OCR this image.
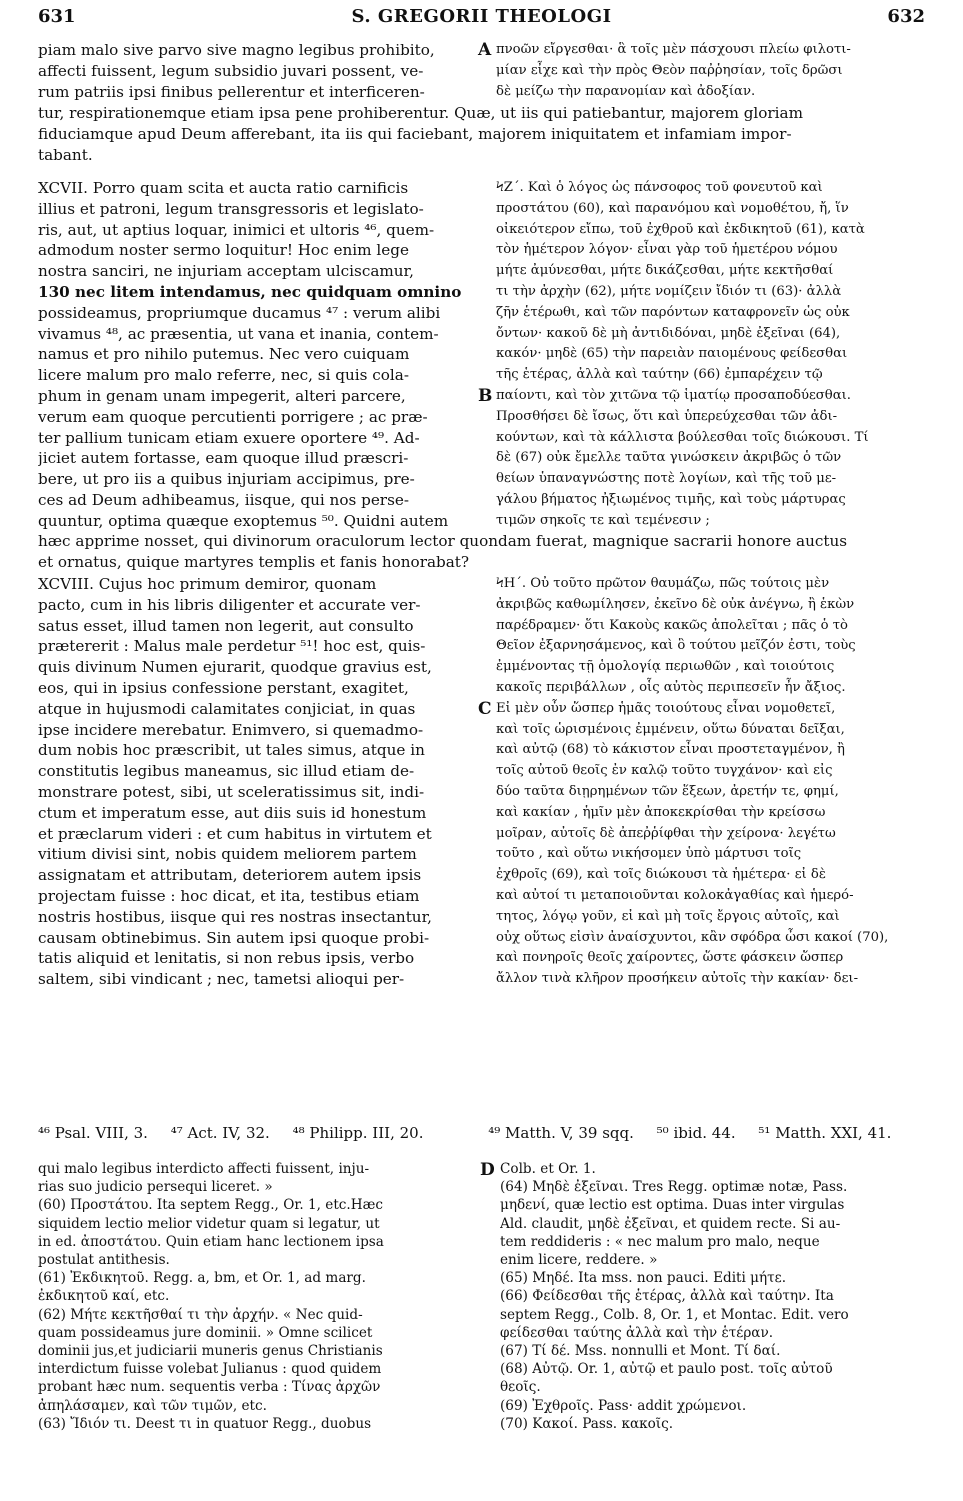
631	S. GREGORII THEOLOGI	632
piam malo sive parvo sive magno legibus prohibito,
affecti fuissent, legum subsidio juvari possent, ve-
rum patriis ipsi finibus pellerentur et interficeren-
A πνοῶν εἴργεσθαι· ἃ τοῖς μὲν πάσχουσι πλείω φιλοτι-
μίαν εἶχε καὶ τὴν πρὸς Θεὸν παῤῥησίαν, τοῖς δρῶσι
δὲ μείζω τὴν παρανομίαν καὶ ἀδοξίαν.
tur, respirationemque etiam ipsa pene prohiberentur. Quæ, ut iis qui patiebantur, majorem gloriam
fiduciamque apud Deum afferebant, ita iis qui faciebant, majorem iniquitatem et infamiam impor-
tabant.
XCVII. Porro quam scita et aucta ratio carnificis
illius et patroni, legum transgressoris et legislato-
ris, aut, ut aptius loquar, inimici et ultoris ⁴⁶, quem-
admodum noster sermo loquitur! Hoc enim lege
nostra sanciri, ne injuriam acceptam ulciscamur,
130 nec litem intendamus, nec quidquam omnino
possideamus, propriumque ducamus ⁴⁷ : verum alibi
vivamus ⁴⁸, ac præsentia, ut vana et inania, contem-
namus et pro nihilo putemus. Nec vero cuiquam
licere malum pro malo referre, nec, si quis cola-
phum in genam unam impegerit, alteri parcere,
verum eam quoque percutienti porrigere ; ac præ-
ter pallium tunicam etiam exuere oportere ⁴⁹. Ad-
jiciet autem fortasse, eam quoque illud præscri-
bere, ut pro iis a quibus injuriam accipimus, pre-
ces ad Deum adhibeamus, iisque, qui nos perse-
quuntur, optima quæque exoptemus ⁵⁰. Quidni autem
B
ϞΖ΄. Καὶ ὁ λόγος ὡς πάνσοφος τοῦ φονευτοῦ καὶ
προστάτου (60), καὶ παρανόμου καὶ νομοθέτου, ἤ, ἵν
οἰκειότερον εἴπω, τοῦ ἐχθροῦ καὶ ἐκδικητοῦ (61), κατὰ
τὸν ἡμέτερον λόγον· εἶναι γὰρ τοῦ ἡμετέρου νόμου
μήτε ἀμύνεσθαι, μήτε δικάζεσθαι, μήτε κεκτῆσθαί
τι τὴν ἀρχὴν (62), μήτε νομίζειν ἴδιόν τι (63)· ἀλλὰ
ζῆν ἑτέρωθι, καὶ τῶν παρόντων καταφρονεῖν ὡς οὐκ
ὄντων· κακοῦ δὲ μὴ ἀντιδιδόναι, μηδὲ ἐξεῖναι (64),
κακόν· μηδὲ (65) τὴν παρειὰν παιομένους φείδεσθαι
τῆς ἑτέρας, ἀλλὰ καὶ ταύτην (66) ἐμπαρέχειν τῷ
παίοντι, καὶ τὸν χιτῶνα τῷ ἱματίῳ προσαποδύεσθαι.
Προσθήσει δὲ ἴσως, ὅτι καὶ ὑπερεύχεσθαι τῶν ἀδι-
κούντων, καὶ τὰ κάλλιστα βούλεσθαι τοῖς διώκουσι. Τί
δὲ (67) οὐκ ἔμελλε ταῦτα γινώσκειν ἀκριβῶς ὁ τῶν
θείων ὑπαναγνώστης ποτὲ λογίων, καὶ τῆς τοῦ με-
γάλου βήματος ἠξιωμένος τιμῆς, καὶ τοὺς μάρτυρας
τιμῶν σηκοῖς τε καὶ τεμένεσιν ;
hæc apprime nosset, qui divinorum oraculorum lector quondam fuerat, magnique sacrarii honore auctus
et ornatus, quique martyres templis et fanis honorabat?
XCVIII. Cujus hoc primum demiror, quonam
pacto, cum in his libris diligenter et accurate ver-
satus esset, illud tamen non legerit, aut consulto
prætererit : Malus male perdetur ⁵¹! hoc est, quis-
quis divinum Numen ejurarit, quodque gravius est,
eos, qui in ipsius confessione perstant, exagitet,
atque in hujusmodi calamitates conjiciat, in quas
ipse incidere merebatur. Enimvero, si quemadmo-
dum nobis hoc præscribit, ut tales simus, atque in
constitutis legibus maneamus, sic illud etiam de-
monstrare potest, sibi, ut sceleratissimus sit, indi-
ctum et imperatum esse, aut diis suis id honestum
et præclarum videri : et cum habitus in virtutem et
vitium divisi sint, nobis quidem meliorem partem
assignatam et attributam, deteriorem autem ipsis
projectam fuisse : hoc dicat, et ita, testibus etiam
nostris hostibus, iisque qui res nostras insectantur,
causam obtinebimus. Sin autem ipsi quoque probi-
tatis aliquid et lenitatis, si non rebus ipsis, verbo
saltem, sibi vindicant ; nec, tametsi alioqui per-
C
ϞΗ΄. Οὐ τοῦτο πρῶτον θαυμάζω, πῶς τούτοις μὲν
ἀκριβῶς καθωμίλησεν, ἐκεῖνο δὲ οὐκ ἀνέγνω, ἢ ἑκὼν
παρέδραμεν· ὅτι Κακοὺς κακῶς ἀπολεῖται ; πᾶς ὁ τὸ
Θεῖον ἐξαρνησάμενος, καὶ ὃ τούτου μεῖζόν ἐστι, τοὺς
ἐμμένοντας τῇ ὁμολογίᾳ περιωθῶν , καὶ τοιούτοις
κακοῖς περιβάλλων , οἷς αὐτὸς περιπεσεῖν ἦν ἄξιος.
Εἰ μὲν οὖν ὥσπερ ἡμᾶς τοιούτους εἶναι νομοθετεῖ,
καὶ τοῖς ὡρισμένοις ἐμμένειν, οὕτω δύναται δεῖξαι,
καὶ αὐτῷ (68) τὸ κάκιστον εἶναι προστεταγμένον, ἢ
τοῖς αὐτοῦ θεοῖς ἐν καλῷ τοῦτο τυγχάνον· καὶ εἰς
δύο ταῦτα διῃρημένων τῶν ἕξεων, ἀρετήν τε, φημί,
καὶ κακίαν , ἡμῖν μὲν ἀποκεκρίσθαι τὴν κρείσσω
μοῖραν, αὐτοῖς δὲ ἀπεῤῥίφθαι τὴν χείρονα· λεγέτω
τοῦτο , καὶ οὕτω νικήσομεν ὑπὸ μάρτυσι τοῖς
ἐχθροῖς (69), καὶ τοῖς διώκουσι τὰ ἡμέτερα· εἰ δὲ
καὶ αὐτοί τι μεταποιοῦνται κολοκἀγαθίας καὶ ἡμερό-
τητος, λόγῳ γοῦν, εἰ καὶ μὴ τοῖς ἔργοις αὐτοῖς, καὶ
οὐχ οὕτως εἰσὶν ἀναίσχυντοι, κἂν σφόδρα ὦσι κακοί (70),
καὶ πονηροῖς θεοῖς χαίροντες, ὥστε φάσκειν ὥσπερ
ἄλλον τινὰ κλῆρον προσήκειν αὐτοῖς τὴν κακίαν· δει-
⁴⁶ Psal. VIII, 3. ⁴⁷ Act. IV, 32. ⁴⁸ Philipp. III, 20.	⁴⁹ Matth. V, 39 sqq. ⁵⁰ ibid. 44. ⁵¹ Matth. XXI, 41.
qui malo legibus interdicto affecti fuissent, inju-
rias suo judicio persequi liceret. »
(60) Προστάτου. Ita septem Regg., Or. 1, etc.Hæc
siquidem lectio melior videtur quam si legatur, ut
in ed. ἀποστάτου. Quin etiam hanc lectionem ipsa
postulat antithesis.
(61) Ἐκδικητοῦ. Regg. a, bm, et Or. 1, ad marg.
ἐκδικητοῦ καί, etc.
(62) Μήτε κεκτῆσθαί τι τὴν ἀρχήν. « Nec quid-
quam possideamus jure dominii. » Omne scilicet
dominii jus,et judiciarii muneris genus Christianis
interdictum fuisse volebat Julianus : quod quidem
probant hæc num. sequentis verba : Τίνας ἀρχῶν
ἀπηλάσαμεν, καὶ τῶν τιμῶν, etc.
(63) Ἴδιόν τι. Deest τι in quatuor Regg., duobus
D Colb. et Or. 1.
(64) Μηδὲ ἐξεῖναι. Tres Regg. optimæ notæ, Pass.
μηδενί, quæ lectio est optima. Duas inter virgulas
Ald. claudit, μηδὲ ἐξεῖναι, et quidem recte. Si au-
tem reddideris : « nec malum pro malo, neque
enim licere, reddere. »
(65) Μηδέ. Ita mss. non pauci. Editi μήτε.
(66) Φείδεσθαι τῆς ἑτέρας, ἀλλὰ καὶ ταύτην. Ita
septem Regg., Colb. 8, Or. 1, et Montac. Edit. vero
φείδεσθαι ταύτης ἀλλὰ καὶ τὴν ἑτέραν.
(67) Τί δέ. Mss. nonnulli et Mont. Τί δαί.
(68) Αὐτῷ. Or. 1, αὐτῷ et paulo post. τοῖς αὐτοῦ
θεοῖς.
(69) Ἐχθροῖς. Pass· addit χρώμενοι.
(70) Κακοί. Pass. κακοῖς.
